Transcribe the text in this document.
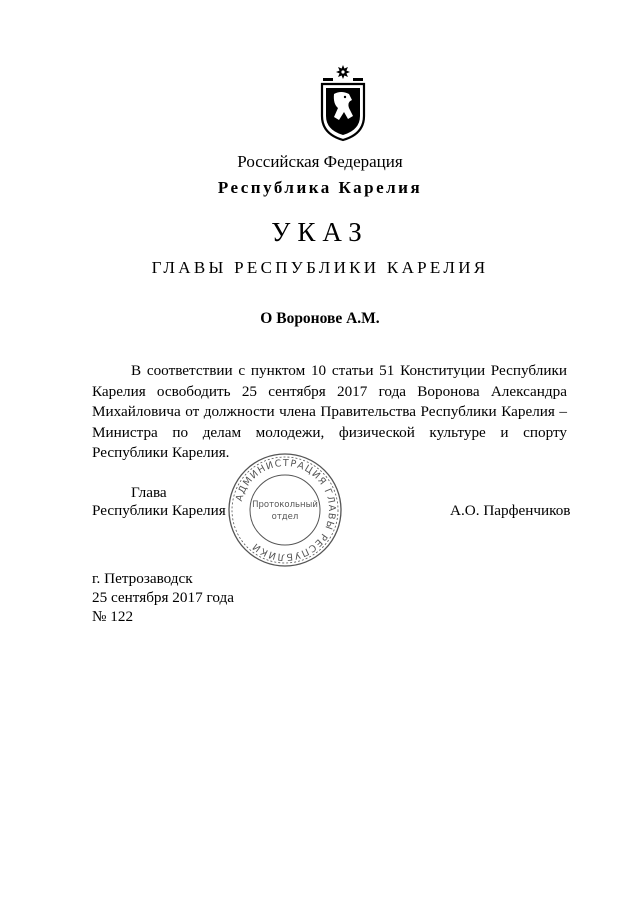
Российская Федерация
Республика Карелия
УКАЗ
ГЛАВЫ РЕСПУБЛИКИ КАРЕЛИЯ
О Воронове А.М.

В соответствии с пунктом 10 статьи 51 Конституции Республики Карелия освободить 25 сентября 2017 года Воронова Александра Михайловича от должности члена Правительства Республики Карелия – Министра по делам молодежи, физической культуре и спорту Республики Карелия.

АДМИНИСТРАЦИЯ ГЛАВЫ РЕСПУБЛИКИ
Протокольный
отдел
Глава
Республики Карелия	А.О. Парфенчиков
г. Петрозаводск
25 сентября 2017 года
№ 122
